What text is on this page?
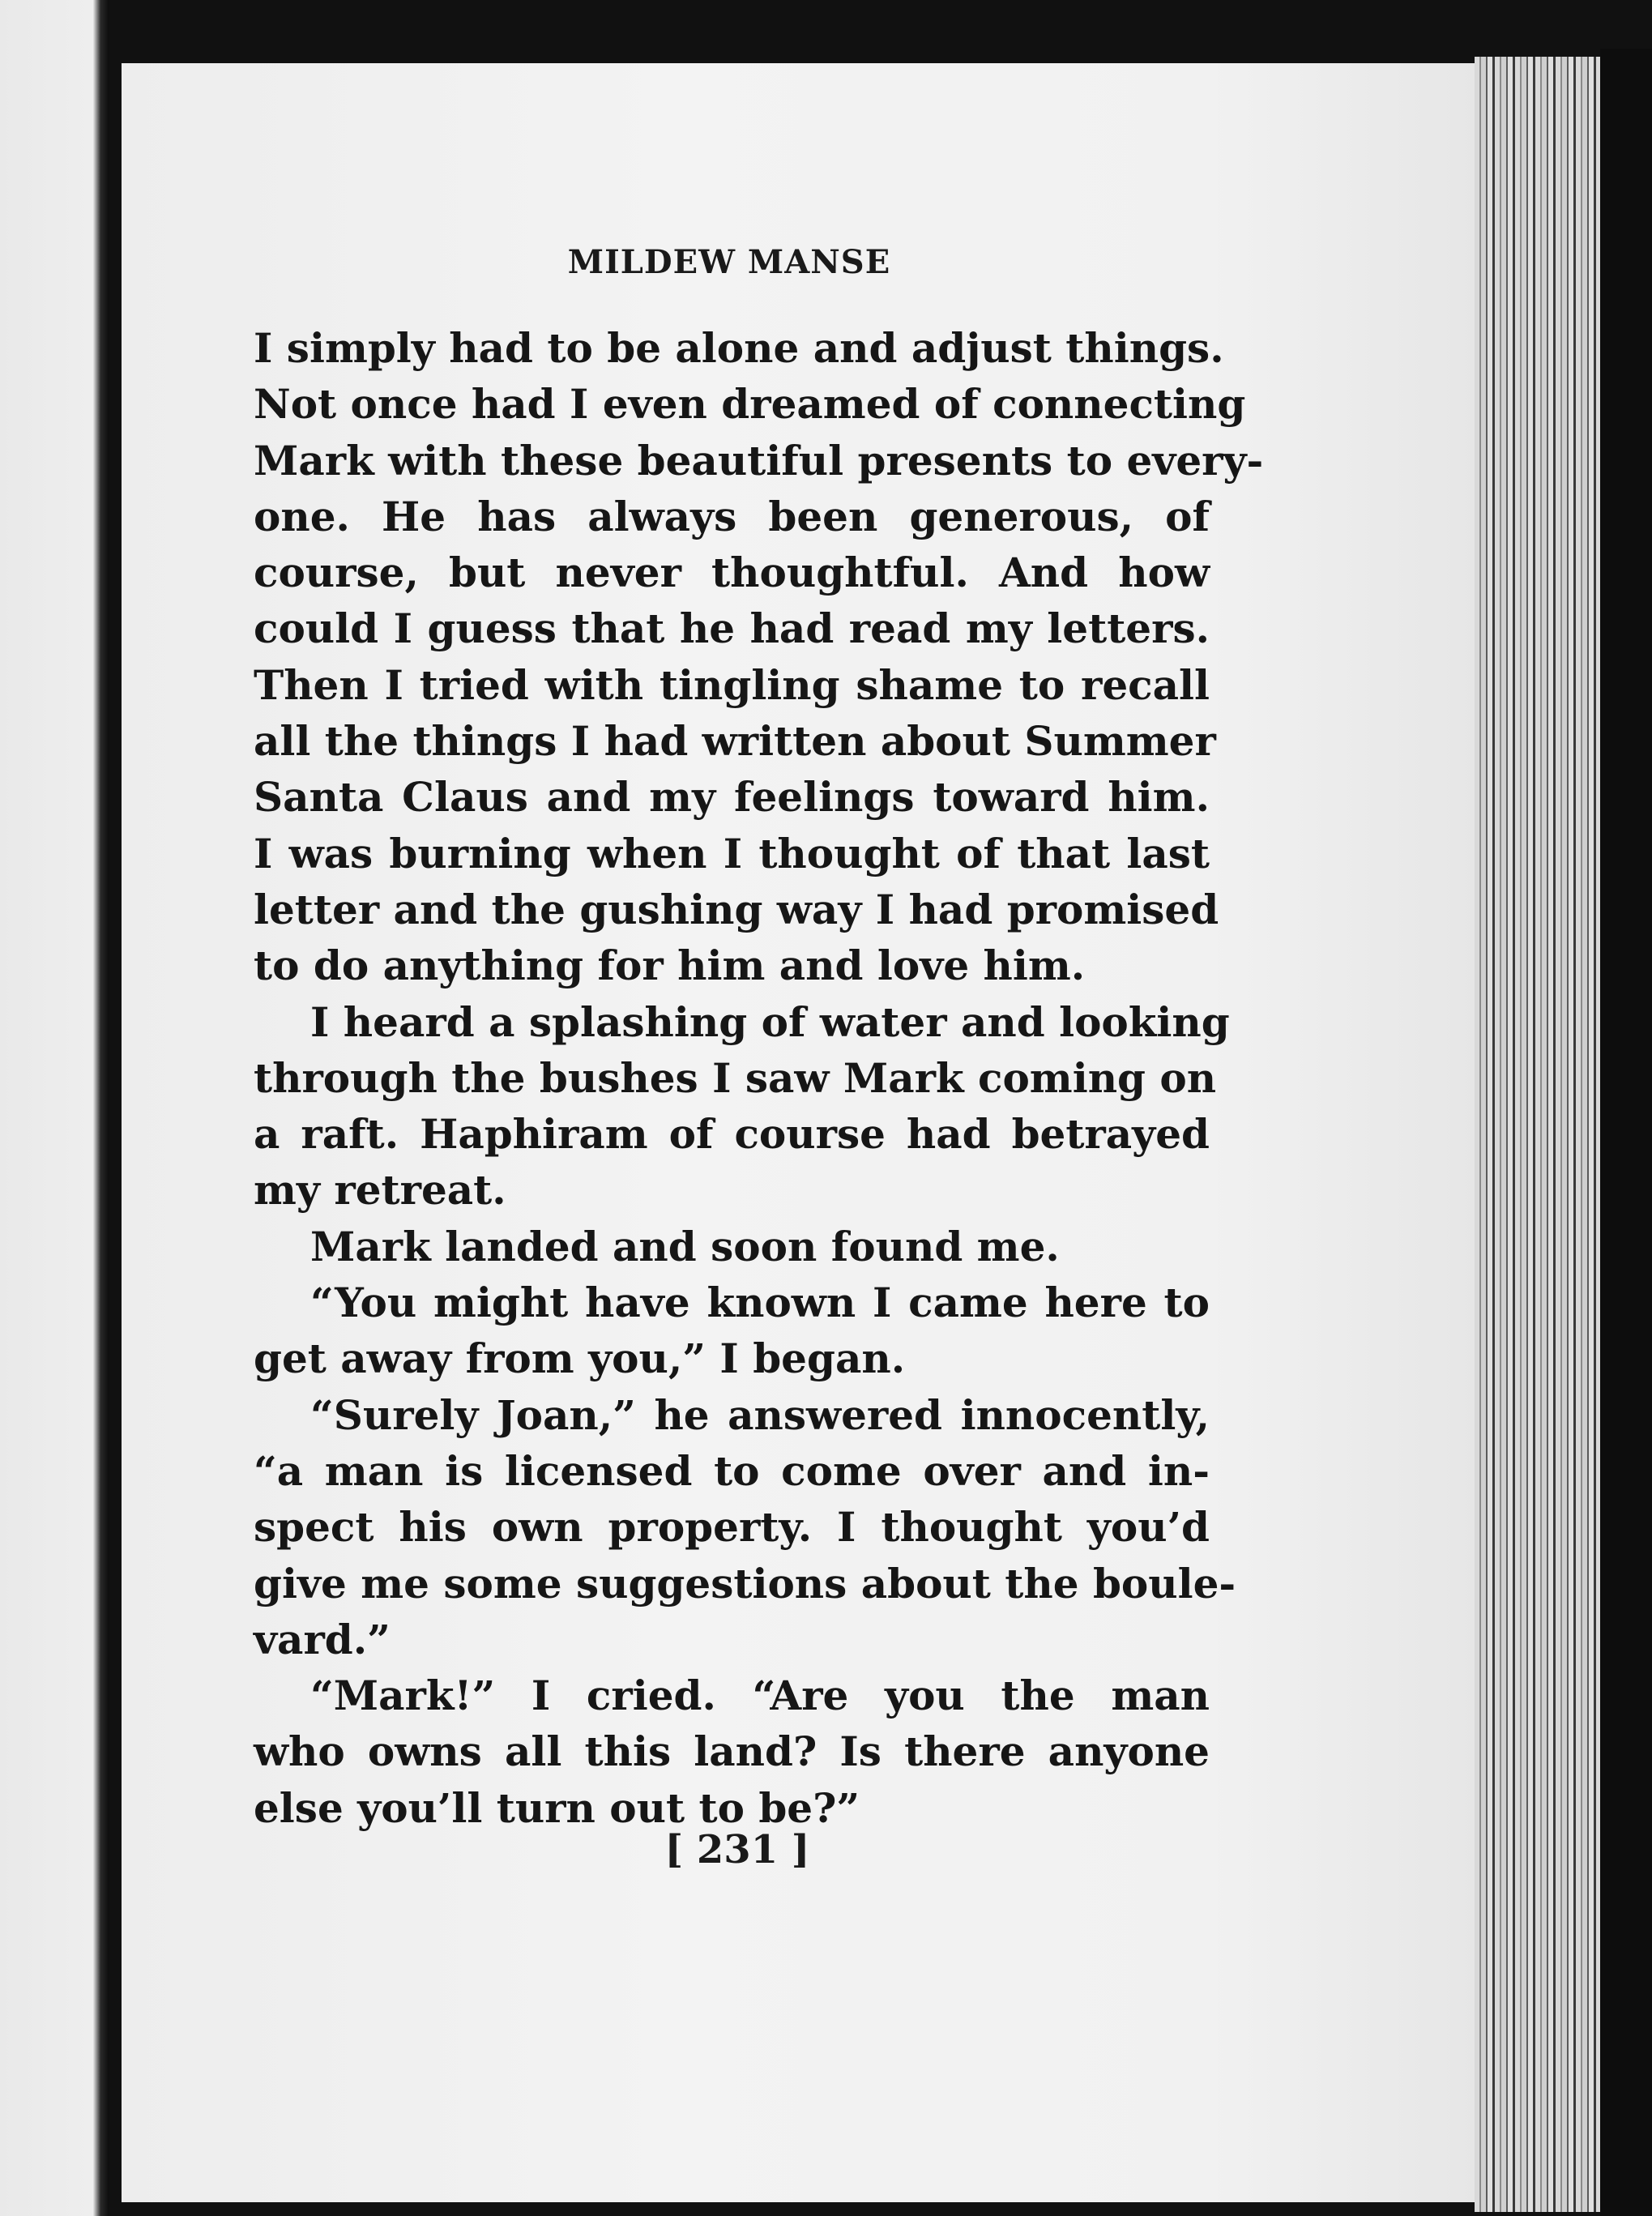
MILDEW MANSE
I simply had to be alone and adjust things.
Not once had I even dreamed of connecting
Mark with these beautiful presents to every-
one. He has always been generous, of
course, but never thoughtful. And how
could I guess that he had read my letters.
Then I tried with tingling shame to recall
all the things I had written about Summer
Santa Claus and my feelings toward him.
I was burning when I thought of that last
letter and the gushing way I had promised
to do anything for him and love him.
I heard a splashing of water and looking
through the bushes I saw Mark coming on
a raft. Haphiram of course had betrayed
my retreat.
Mark landed and soon found me.
“You might have known I came here to
get away from you,” I began.
“Surely Joan,” he answered innocently,
“a man is licensed to come over and in-
spect his own property. I thought you’d
give me some suggestions about the boule-
vard.”
“Mark!” I cried. “Are you the man
who owns all this land? Is there anyone
else you’ll turn out to be?”
[ 231 ]
